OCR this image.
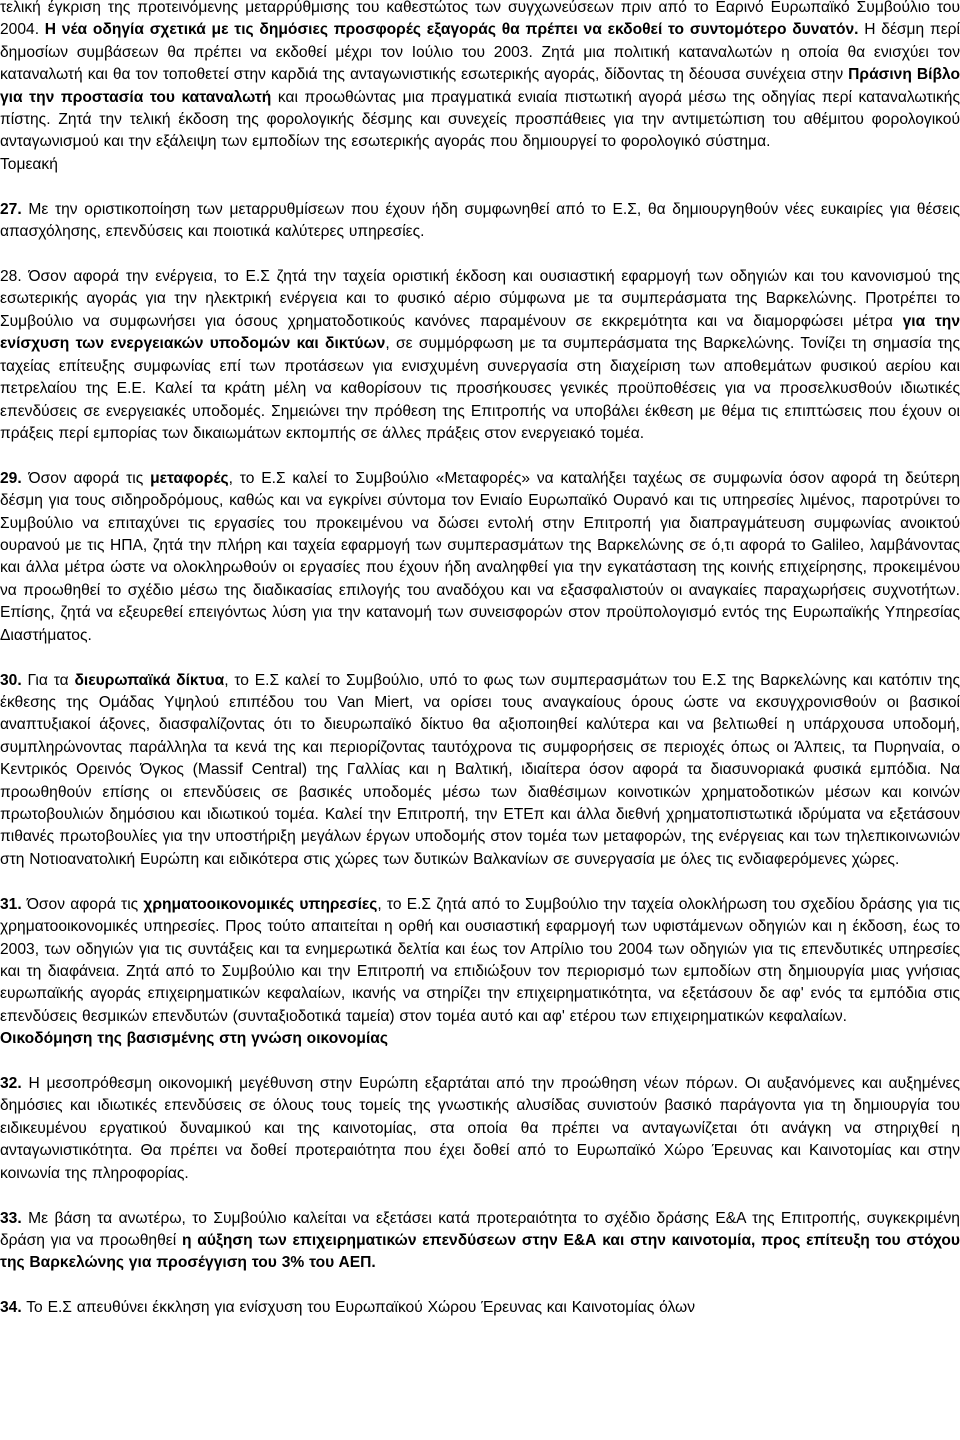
τελική έγκριση της προτεινόμενης μεταρρύθμισης του καθεστώτος των συγχωνεύσεων πριν από το Εαρινό Ευρωπαϊκό Συμβούλιο του 2004. Η νέα οδηγία σχετικά με τις δημόσιες προσφορές εξαγοράς θα πρέπει να εκδοθεί το συντομότερο δυνατόν. Η δέσμη περί δημοσίων συμβάσεων θα πρέπει να εκδοθεί μέχρι τον Ιούλιο του 2003. Ζητά μια πολιτική καταναλωτών η οποία θα ενισχύει τον καταναλωτή και θα τον τοποθετεί στην καρδιά της ανταγωνιστικής εσωτερικής αγοράς, δίδοντας τη δέουσα συνέχεια στην Πράσινη Βίβλο για την προστασία του καταναλωτή και προωθώντας μια πραγματικά ενιαία πιστωτική αγορά μέσω της οδηγίας περί καταναλωτικής πίστης. Ζητά την τελική έκδοση της φορολογικής δέσμης και συνεχείς προσπάθειες για την αντιμετώπιση του αθέμιτου φορολογικού ανταγωνισμού και την εξάλειψη των εμποδίων της εσωτερικής αγοράς που δημιουργεί το φορολογικό σύστημα.

Τομεακή

27. Με την οριστικοποίηση των μεταρρυθμίσεων που έχουν ήδη συμφωνηθεί από το Ε.Σ, θα δημιουργηθούν νέες ευκαιρίες για θέσεις απασχόλησης, επενδύσεις και ποιοτικά καλύτερες υπηρεσίες.

28. Όσον αφορά την ενέργεια, το Ε.Σ ζητά την ταχεία οριστική έκδοση και ουσιαστική εφαρμογή των οδηγιών και του κανονισμού της εσωτερικής αγοράς για την ηλεκτρική ενέργεια και το φυσικό αέριο σύμφωνα με τα συμπεράσματα της Βαρκελώνης. Προτρέπει το Συμβούλιο να συμφωνήσει για όσους χρηματοδοτικούς κανόνες παραμένουν σε εκκρεμότητα και να διαμορφώσει μέτρα για την ενίσχυση των ενεργειακών υποδομών και δικτύων, σε συμμόρφωση με τα συμπεράσματα της Βαρκελώνης. Τονίζει τη σημασία της ταχείας επίτευξης συμφωνίας επί των προτάσεων για ενισχυμένη συνεργασία στη διαχείριση των αποθεμάτων φυσικού αερίου και πετρελαίου της Ε.Ε. Καλεί τα κράτη μέλη να καθορίσουν τις προσήκουσες γενικές προϋποθέσεις για να προσελκυσθούν ιδιωτικές επενδύσεις σε ενεργειακές υποδομές. Σημειώνει την πρόθεση της Επιτροπής να υποβάλει έκθεση με θέμα τις επιπτώσεις που έχουν οι πράξεις περί εμπορίας των δικαιωμάτων εκπομπής σε άλλες πράξεις στον ενεργειακό τομέα.

29. Όσον αφορά τις μεταφορές, το Ε.Σ καλεί το Συμβούλιο «Μεταφορές» να καταλήξει ταχέως σε συμφωνία όσον αφορά τη δεύτερη δέσμη για τους σιδηροδρόμους, καθώς και να εγκρίνει σύντομα τον Ενιαίο Ευρωπαϊκό Ουρανό και τις υπηρεσίες λιμένος, παροτρύνει το Συμβούλιο να επιταχύνει τις εργασίες του προκειμένου να δώσει εντολή στην Επιτροπή για διαπραγμάτευση συμφωνίας ανοικτού ουρανού με τις ΗΠΑ, ζητά την πλήρη και ταχεία εφαρμογή των συμπερασμάτων της Βαρκελώνης σε ό,τι αφορά το Galileo, λαμβάνοντας και άλλα μέτρα ώστε να ολοκληρωθούν οι εργασίες που έχουν ήδη αναληφθεί για την εγκατάσταση της κοινής επιχείρησης, προκειμένου να προωθηθεί το σχέδιο μέσω της διαδικασίας επιλογής του αναδόχου και να εξασφαλιστούν οι αναγκαίες παραχωρήσεις συχνοτήτων. Επίσης, ζητά να εξευρεθεί επειγόντως λύση για την κατανομή των συνεισφορών στον προϋπολογισμό εντός της Ευρωπαϊκής Υπηρεσίας Διαστήματος.

30. Για τα διευρωπαϊκά δίκτυα, το Ε.Σ καλεί το Συμβούλιο, υπό το φως των συμπερασμάτων του Ε.Σ της Βαρκελώνης και κατόπιν της έκθεσης της Ομάδας Υψηλού επιπέδου του Van Miert, να ορίσει τους αναγκαίους όρους ώστε να εκσυγχρονισθούν οι βασικοί αναπτυξιακοί άξονες, διασφαλίζοντας ότι το διευρωπαϊκό δίκτυο θα αξιοποιηθεί καλύτερα και να βελτιωθεί η υπάρχουσα υποδομή, συμπληρώνοντας παράλληλα τα κενά της και περιορίζοντας ταυτόχρονα τις συμφορήσεις σε περιοχές όπως οι Άλπεις, τα Πυρηναία, ο Κεντρικός Ορεινός Όγκος (Massif Central) της Γαλλίας και η Βαλτική, ιδιαίτερα όσον αφορά τα διασυνοριακά φυσικά εμπόδια. Να προωθηθούν επίσης οι επενδύσεις σε βασικές υποδομές μέσω των διαθέσιμων κοινοτικών χρηματοδοτικών μέσων και κοινών πρωτοβουλιών δημόσιου και ιδιωτικού τομέα. Καλεί την Επιτροπή, την ΕΤΕπ και άλλα διεθνή χρηματοπιστωτικά ιδρύματα να εξετάσουν πιθανές πρωτοβουλίες για την υποστήριξη μεγάλων έργων υποδομής στον τομέα των μεταφορών, της ενέργειας και των τηλεπικοινωνιών στη Νοτιοανατολική Ευρώπη και ειδικότερα στις χώρες των δυτικών Βαλκανίων σε συνεργασία με όλες τις ενδιαφερόμενες χώρες.

31. Όσον αφορά τις χρηματοοικονομικές υπηρεσίες, το Ε.Σ ζητά από το Συμβούλιο την ταχεία ολοκλήρωση του σχεδίου δράσης για τις χρηματοοικονομικές υπηρεσίες. Προς τούτο απαιτείται η ορθή και ουσιαστική εφαρμογή των υφιστάμενων οδηγιών και η έκδοση, έως το 2003, των οδηγιών για τις συντάξεις και τα ενημερωτικά δελτία και έως τον Απρίλιο του 2004 των οδηγιών για τις επενδυτικές υπηρεσίες και τη διαφάνεια. Ζητά από το Συμβούλιο και την Επιτροπή να επιδιώξουν τον περιορισμό των εμποδίων στη δημιουργία μιας γνήσιας ευρωπαϊκής αγοράς επιχειρηματικών κεφαλαίων, ικανής να στηρίζει την επιχειρηματικότητα, να εξετάσουν δε αφ' ενός τα εμπόδια στις επενδύσεις θεσμικών επενδυτών (συνταξιοδοτικά ταμεία) στον τομέα αυτό και αφ' ετέρου των επιχειρηματικών κεφαλαίων.

Οικοδόμηση της βασισμένης στη γνώση οικονομίας

32. Η μεσοπρόθεσμη οικονομική μεγέθυνση στην Ευρώπη εξαρτάται από την προώθηση νέων πόρων. Οι αυξανόμενες και αυξημένες δημόσιες και ιδιωτικές επενδύσεις σε όλους τους τομείς της γνωστικής αλυσίδας συνιστούν βασικό παράγοντα για τη δημιουργία του ειδικευμένου εργατικού δυναμικού και της καινοτομίας, στα οποία θα πρέπει να ανταγωνίζεται ότι ανάγκη να στηριχθεί η ανταγωνιστικότητα. Θα πρέπει να δοθεί προτεραιότητα που έχει δοθεί από το Ευρωπαϊκό Χώρο Έρευνας και Καινοτομίας και στην κοινωνία της πληροφορίας.

33. Με βάση τα ανωτέρω, το Συμβούλιο καλείται να εξετάσει κατά προτεραιότητα το σχέδιο δράσης Ε&Α της Επιτροπής, συγκεκριμένη δράση για να προωθηθεί η αύξηση των επιχειρηματικών επενδύσεων στην Ε&Α και στην καινοτομία, προς επίτευξη του στόχου της Βαρκελώνης για προσέγγιση του 3% του ΑΕΠ.

34. Το Ε.Σ απευθύνει έκκληση για ενίσχυση του Ευρωπαϊκού Χώρου Έρευνας και Καινοτομίας όλων
